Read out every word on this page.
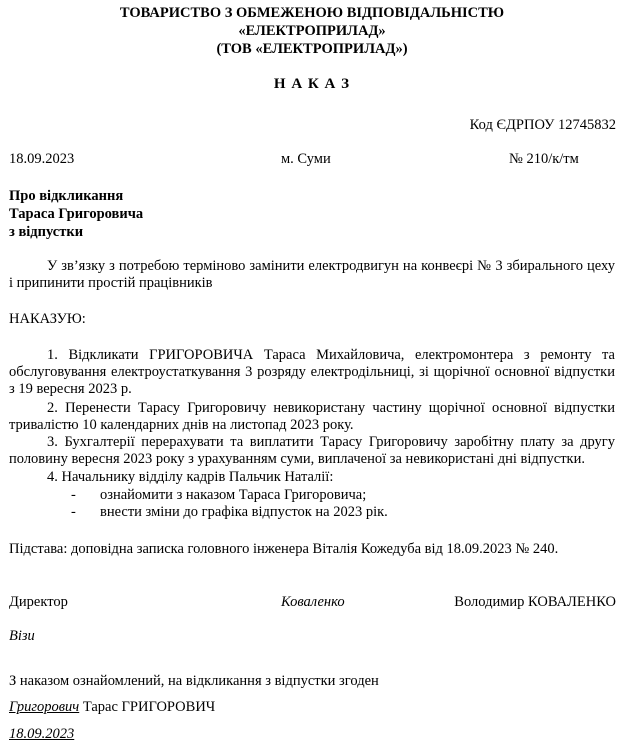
ТОВАРИСТВО З ОБМЕЖЕНОЮ ВІДПОВІДАЛЬНІСТЮ
«ЕЛЕКТРОПРИЛАД»
(ТОВ «ЕЛЕКТРОПРИЛАД»)
Н А К А З
Код ЄДРПОУ 12745832
18.09.2023	м. Суми	№ 210/к/тм
Про відкликання
Тараса Григоровича
з відпустки
У зв’язку з потребою терміново замінити електродвигун на конвеєрі № 3 збирального цеху і припинити простій працівників
НАКАЗУЮ:
1. Відкликати ГРИГОРОВИЧА Тараса Михайловича, електромонтера з ремонту та обслуговування електроустаткування 3 розряду електродільниці, зі щорічної основної відпустки з 19 вересня 2023 р.
2. Перенести Тарасу Григоровичу невикористану частину щорічної основної відпустки тривалістю 10 календарних днів на листопад 2023 року.
3. Бухгалтерії перерахувати та виплатити Тарасу Григоровичу заробітну плату за другу половину вересня 2023 року з урахуванням суми, виплаченої за невикористані дні відпустки.
4. Начальнику відділу кадрів Пальчик Наталії:
- ознайомити з наказом Тараса Григоровича;
- внести зміни до графіка відпусток на 2023 рік.
Підстава: доповідна записка головного інженера Віталія Кожедуба від 18.09.2023 № 240.
Директор	Коваленко	Володимир КОВАЛЕНКО
Візи
З наказом ознайомлений, на відкликання з відпустки згоден
Григорович Тарас ГРИГОРОВИЧ
18.09.2023
